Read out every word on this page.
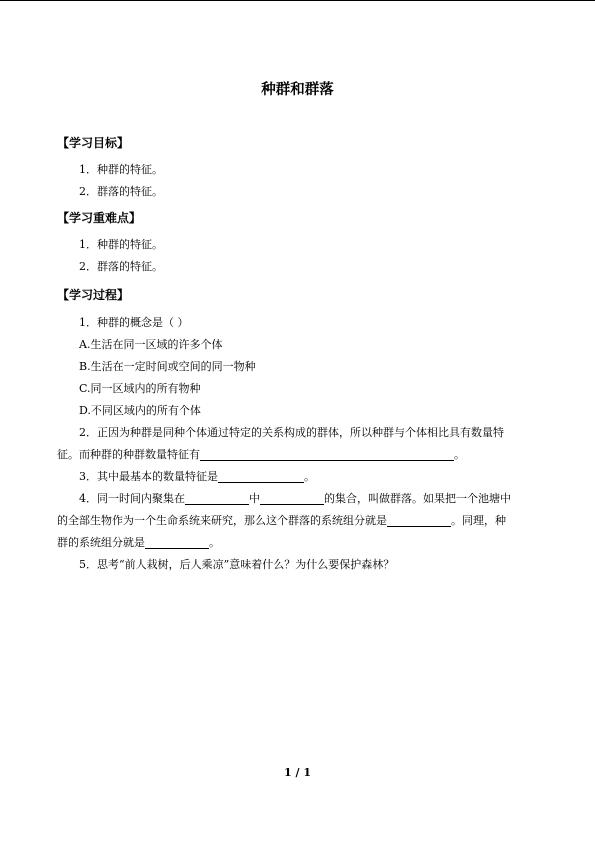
种群和群落
【学习目标】

1．种群的特征。

2．群落的特征。

【学习重难点】

1．种群的特征。

2．群落的特征。

【学习过程】

1．种群的概念是（ ）

A.生活在同一区域的许多个体

B.生活在一定时间或空间的同一物种

C.同一区域内的所有物种

D.不同区域内的所有个体

2．正因为种群是同种个体通过特定的关系构成的群体，所以种群与个体相比具有数量特

征。而种群的种群数量特征有	。

3．其中最基本的数量特征是	。

4．同一时间内聚集在	中	的集合，叫做群落。如果把一个池塘中
的全部生物作为一个生命系统来研究，那么这个群落的系统组分就是	。同理，种
群的系统组分就是	。

5．思考“前人栽树，后人乘凉”意味着什么？为什么要保护森林？

1 / 1
